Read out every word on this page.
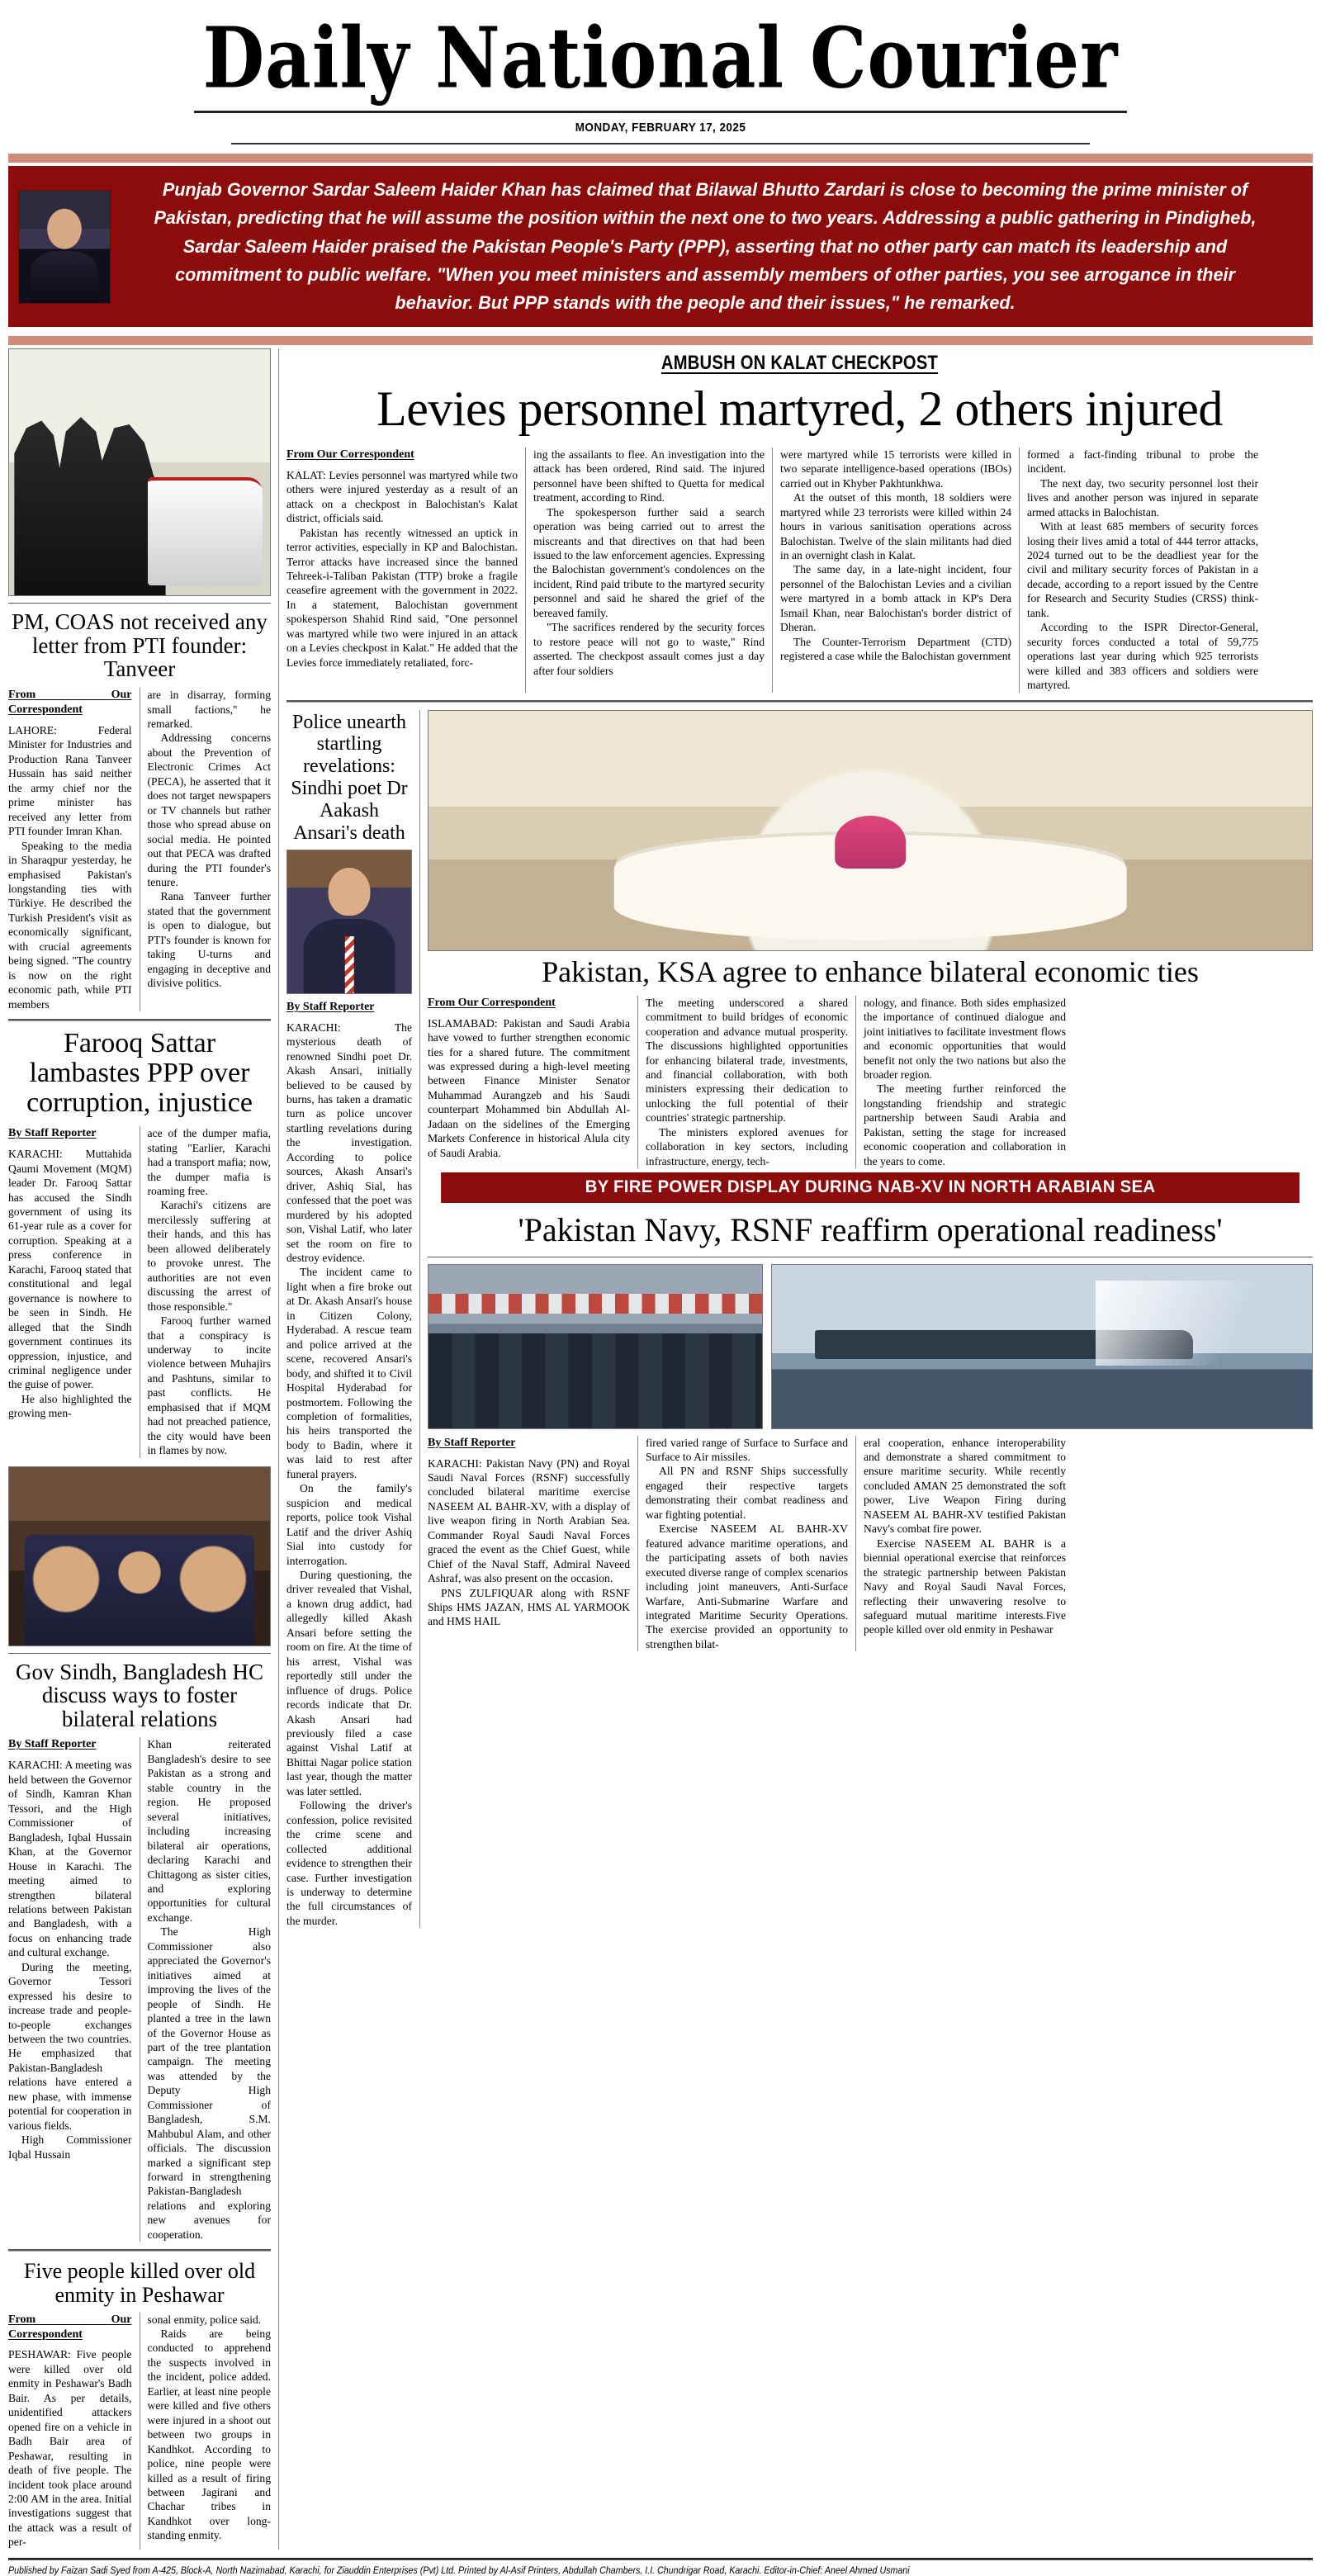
Daily National Courier
MONDAY, FEBRUARY 17, 2025
Punjab Governor Sardar Saleem Haider Khan has claimed that Bilawal Bhutto Zardari is close to becoming the prime minister of Pakistan, predicting that he will assume the position within the next one to two years. Addressing a public gathering in Pindigheb, Sardar Saleem Haider praised the Pakistan People's Party (PPP), asserting that no other party can match its leadership and commitment to public welfare. "When you meet ministers and assembly members of other parties, you see arrogance in their behavior. But PPP stands with the people and their issues," he remarked.
PM, COAS not received any letter from PTI founder: Tanveer
From Our Correspondent

LAHORE: Federal Minister for Industries and Production Rana Tanveer Hussain has said neither the army chief nor the prime minister has received any letter from PTI founder Imran Khan.

Speaking to the media in Sharaqpur yesterday, he emphasised Pakistan's longstanding ties with Türkiye. He described the Turkish President's visit as economically significant, with crucial agreements being signed. "The country is now on the right economic path, while PTI members

are in disarray, forming small factions," he remarked.

Addressing concerns about the Prevention of Electronic Crimes Act (PECA), he asserted that it does not target newspapers or TV channels but rather those who spread abuse on social media. He pointed out that PECA was drafted during the PTI founder's tenure.

Rana Tanveer further stated that the government is open to dialogue, but PTI's founder is known for taking U-turns and engaging in deceptive and divisive politics.

Farooq Sattar lambastes PPP over corruption, injustice
By Staff Reporter

KARACHI: Muttahida Qaumi Movement (MQM) leader Dr. Farooq Sattar has accused the Sindh government of using its 61-year rule as a cover for corruption. Speaking at a press conference in Karachi, Farooq stated that constitutional and legal governance is nowhere to be seen in Sindh. He alleged that the Sindh government continues its oppression, injustice, and criminal negligence under the guise of power.

He also highlighted the growing men-

ace of the dumper mafia, stating "Earlier, Karachi had a transport mafia; now, the dumper mafia is roaming free.

Karachi's citizens are mercilessly suffering at their hands, and this has been allowed deliberately to provoke unrest. The authorities are not even discussing the arrest of those responsible."

Farooq further warned that a conspiracy is underway to incite violence between Muhajirs and Pashtuns, similar to past conflicts. He emphasised that if MQM had not preached patience, the city would have been in flames by now.

Gov Sindh, Bangladesh HC discuss ways to foster bilateral relations
By Staff Reporter

KARACHI: A meeting was held between the Governor of Sindh, Kamran Khan Tessori, and the High Commissioner of Bangladesh, Iqbal Hussain Khan, at the Governor House in Karachi. The meeting aimed to strengthen bilateral relations between Pakistan and Bangladesh, with a focus on enhancing trade and cultural exchange.

During the meeting, Governor Tessori expressed his desire to increase trade and people-to-people exchanges between the two countries. He emphasized that Pakistan-Bangladesh relations have entered a new phase, with immense potential for cooperation in various fields.

High Commissioner Iqbal Hussain

Khan reiterated Bangladesh's desire to see Pakistan as a strong and stable country in the region. He proposed several initiatives, including increasing bilateral air operations, declaring Karachi and Chittagong as sister cities, and exploring opportunities for cultural exchange.

The High Commissioner also appreciated the Governor's initiatives aimed at improving the lives of the people of Sindh. He planted a tree in the lawn of the Governor House as part of the tree plantation campaign. The meeting was attended by the Deputy High Commissioner of Bangladesh, S.M. Mahbubul Alam, and other officials. The discussion marked a significant step forward in strengthening Pakistan-Bangladesh relations and exploring new avenues for cooperation.

Five people killed over old enmity in Peshawar
From Our Correspondent

PESHAWAR: Five people were killed over old enmity in Peshawar's Badh Bair. As per details, unidentified attackers opened fire on a vehicle in Badh Bair area of Peshawar, resulting in death of five people. The incident took place around 2:00 AM in the area. Initial investigations suggest that the attack was a result of per-

sonal enmity, police said.

Raids are being conducted to apprehend the suspects involved in the incident, police added. Earlier, at least nine people were killed and five others were injured in a shoot out between two groups in Kandhkot. According to police, nine people were killed as a result of firing between Jagirani and Chachar tribes in Kandhkot over long-standing enmity.

AMBUSH ON KALAT CHECKPOST
Levies personnel martyred, 2 others injured
From Our Correspondent

KALAT: Levies personnel was martyred while two others were injured yesterday as a result of an attack on a checkpost in Balochistan's Kalat district, officials said.

Pakistan has recently witnessed an uptick in terror activities, especially in KP and Balochistan. Terror attacks have increased since the banned Tehreek-i-Taliban Pakistan (TTP) broke a fragile ceasefire agreement with the government in 2022. In a statement, Balochistan government spokesperson Shahid Rind said, "One personnel was martyred while two were injured in an attack on a Levies checkpost in Kalat." He added that the Levies force immediately retaliated, forc-

ing the assailants to flee. An investigation into the attack has been ordered, Rind said. The injured personnel have been shifted to Quetta for medical treatment, according to Rind.

The spokesperson further said a search operation was being carried out to arrest the miscreants and that directives on that had been issued to the law enforcement agencies. Expressing the Balochistan government's condolences on the incident, Rind paid tribute to the martyred security personnel and said he shared the grief of the bereaved family.

"The sacrifices rendered by the security forces to restore peace will not go to waste," Rind asserted. The checkpost assault comes just a day after four soldiers

were martyred while 15 terrorists were killed in two separate intelligence-based operations (IBOs) carried out in Khyber Pakhtunkhwa.

At the outset of this month, 18 soldiers were martyred while 23 terrorists were killed within 24 hours in various sanitisation operations across Balochistan. Twelve of the slain militants had died in an overnight clash in Kalat.

The same day, in a late-night incident, four personnel of the Balochistan Levies and a civilian were martyred in a bomb attack in KP's Dera Ismail Khan, near Balochistan's border district of Dheran.

The Counter-Terrorism Department (CTD) registered a case while the Balochistan government

formed a fact-finding tribunal to probe the incident.

The next day, two security personnel lost their lives and another person was injured in separate armed attacks in Balochistan.

With at least 685 members of security forces losing their lives amid a total of 444 terror attacks, 2024 turned out to be the deadliest year for the civil and military security forces of Pakistan in a decade, according to a report issued by the Centre for Research and Security Studies (CRSS) think-tank.

According to the ISPR Director-General, security forces conducted a total of 59,775 operations last year during which 925 terrorists were killed and 383 officers and soldiers were martyred.

Police unearth startling revelations: Sindhi poet Dr Aakash Ansari's death
By Staff Reporter

KARACHI: The mysterious death of renowned Sindhi poet Dr. Akash Ansari, initially believed to be caused by burns, has taken a dramatic turn as police uncover startling revelations during the investigation. According to police sources, Akash Ansari's driver, Ashiq Sial, has confessed that the poet was murdered by his adopted son, Vishal Latif, who later set the room on fire to destroy evidence.

The incident came to light when a fire broke out at Dr. Akash Ansari's house in Citizen Colony, Hyderabad. A rescue team and police arrived at the scene, recovered Ansari's body, and shifted it to Civil Hospital Hyderabad for postmortem. Following the completion of formalities, his heirs transported the body to Badin, where it was laid to rest after funeral prayers.

On the family's suspicion and medical reports, police took Vishal Latif and the driver Ashiq Sial into custody for interrogation.

During questioning, the driver revealed that Vishal, a known drug addict, had allegedly killed Akash Ansari before setting the room on fire. At the time of his arrest, Vishal was reportedly still under the influence of drugs. Police records indicate that Dr. Akash Ansari had previously filed a case against Vishal Latif at Bhittai Nagar police station last year, though the matter was later settled.

Following the driver's confession, police revisited the crime scene and collected additional evidence to strengthen their case. Further investigation is underway to determine the full circumstances of the murder.

Pakistan, KSA agree to enhance bilateral economic ties
From Our Correspondent

ISLAMABAD: Pakistan and Saudi Arabia have vowed to further strengthen economic ties for a shared future. The commitment was expressed during a high-level meeting between Finance Minister Senator Muhammad Aurangzeb and his Saudi counterpart Mohammed bin Abdullah Al-Jadaan on the sidelines of the Emerging Markets Conference in historical Alula city of Saudi Arabia.

The meeting underscored a shared commitment to build bridges of economic cooperation and advance mutual prosperity. The discussions highlighted opportunities for enhancing bilateral trade, investments, and financial collaboration, with both ministers expressing their dedication to unlocking the full potential of their countries' strategic partnership.

The ministers explored avenues for collaboration in key sectors, including infrastructure, energy, tech-

nology, and finance. Both sides emphasized the importance of continued dialogue and joint initiatives to facilitate investment flows and economic opportunities that would benefit not only the two nations but also the broader region.

The meeting further reinforced the longstanding friendship and strategic partnership between Saudi Arabia and Pakistan, setting the stage for increased economic cooperation and collaboration in the years to come.

BY FIRE POWER DISPLAY DURING NAB-XV IN NORTH ARABIAN SEA
'Pakistan Navy, RSNF reaffirm operational readiness'
By Staff Reporter

KARACHI: Pakistan Navy (PN) and Royal Saudi Naval Forces (RSNF) successfully concluded bilateral maritime exercise NASEEM AL BAHR-XV, with a display of live weapon firing in North Arabian Sea. Commander Royal Saudi Naval Forces graced the event as the Chief Guest, while Chief of the Naval Staff, Admiral Naveed Ashraf, was also present on the occasion.

PNS ZULFIQUAR along with RSNF Ships HMS JAZAN, HMS AL YARMOOK and HMS HAIL

fired varied range of Surface to Surface and Surface to Air missiles.

All PN and RSNF Ships successfully engaged their respective targets demonstrating their combat readiness and war fighting potential.

Exercise NASEEM AL BAHR-XV featured advance maritime operations, and the participating assets of both navies executed diverse range of complex scenarios including joint maneuvers, Anti-Surface Warfare, Anti-Submarine Warfare and integrated Maritime Security Operations. The exercise provided an opportunity to strengthen bilat-

eral cooperation, enhance interoperability and demonstrate a shared commitment to ensure maritime security. While recently concluded AMAN 25 demonstrated the soft power, Live Weapon Firing during NASEEM AL BAHR-XV testified Pakistan Navy's combat fire power.

Exercise NASEEM AL BAHR is a biennial operational exercise that reinforces the strategic partnership between Pakistan Navy and Royal Saudi Naval Forces, reflecting their unwavering resolve to safeguard mutual maritime interests.Five people killed over old enmity in Peshawar

Published by Faizan Sadi Syed from A-425, Block-A, North Nazimabad, Karachi, for Ziauddin Enterprises (Pvt) Ltd. Printed by Al-Asif Printers, Abdullah Chambers, I.I. Chundrigar Road, Karachi. Editor-in-Chief: Aneel Ahmed Usmani
